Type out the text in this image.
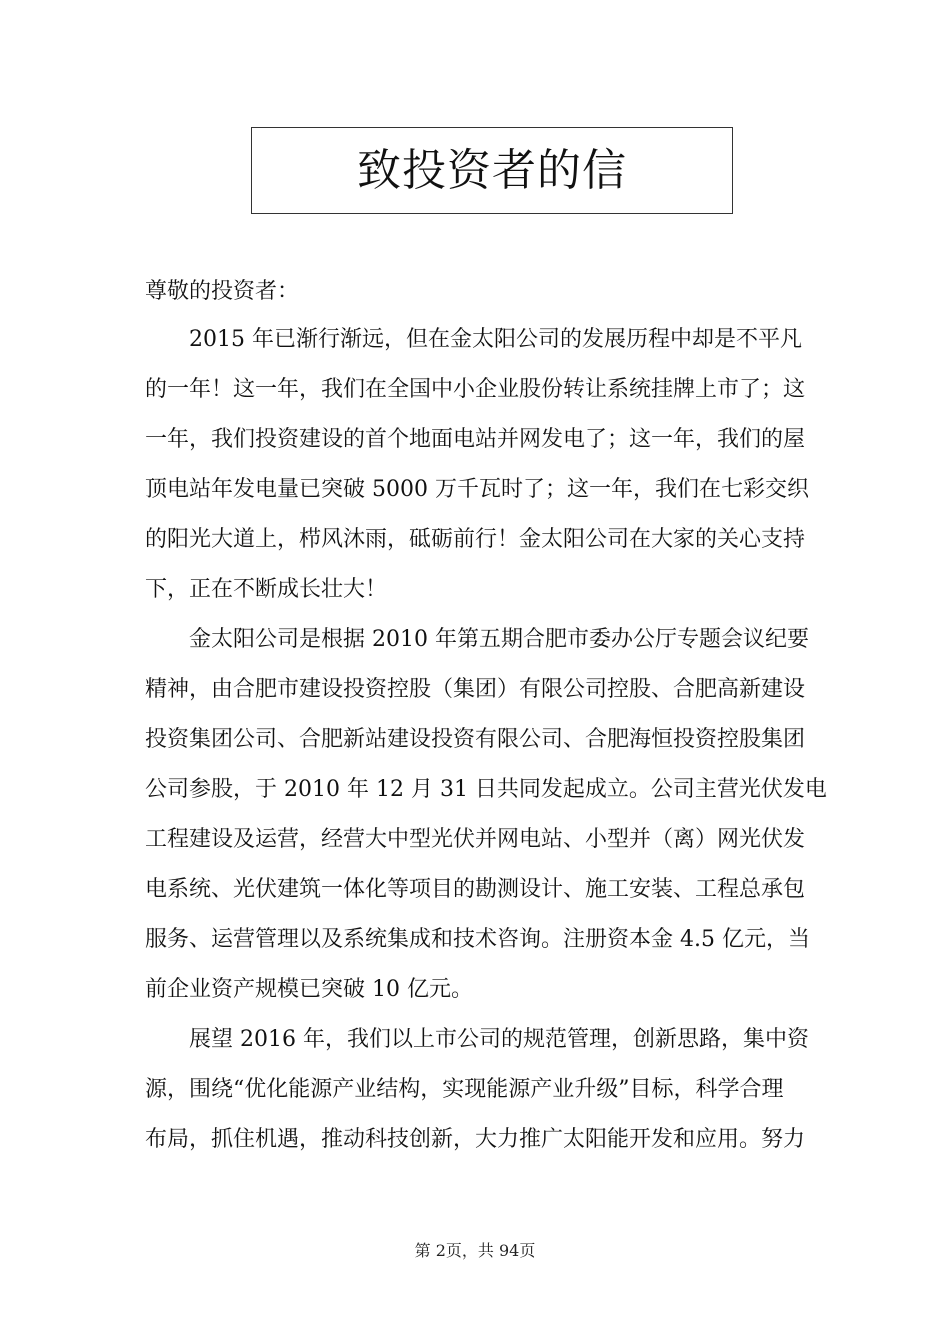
致投资者的信
尊敬的投资者：
2015 年已渐行渐远，但在金太阳公司的发展历程中却是不平凡
的一年！这一年，我们在全国中小企业股份转让系统挂牌上市了；这
一年，我们投资建设的首个地面电站并网发电了；这一年，我们的屋
顶电站年发电量已突破 5000 万千瓦时了；这一年，我们在七彩交织
的阳光大道上，栉风沐雨，砥砺前行！金太阳公司在大家的关心支持
下，正在不断成长壮大！
金太阳公司是根据 2010 年第五期合肥市委办公厅专题会议纪要
精神，由合肥市建设投资控股（集团）有限公司控股、合肥高新建设
投资集团公司、合肥新站建设投资有限公司、合肥海恒投资控股集团
公司参股，于 2010 年 12 月 31 日共同发起成立。公司主营光伏发电
工程建设及运营，经营大中型光伏并网电站、小型并（离）网光伏发
电系统、光伏建筑一体化等项目的勘测设计、施工安装、工程总承包
服务、运营管理以及系统集成和技术咨询。注册资本金 4.5 亿元，当
前企业资产规模已突破 10 亿元。
展望 2016 年，我们以上市公司的规范管理，创新思路，集中资
源，围绕“优化能源产业结构，实现能源产业升级”目标，科学合理
布局，抓住机遇，推动科技创新，大力推广太阳能开发和应用。努力
第 2页，共 94页
